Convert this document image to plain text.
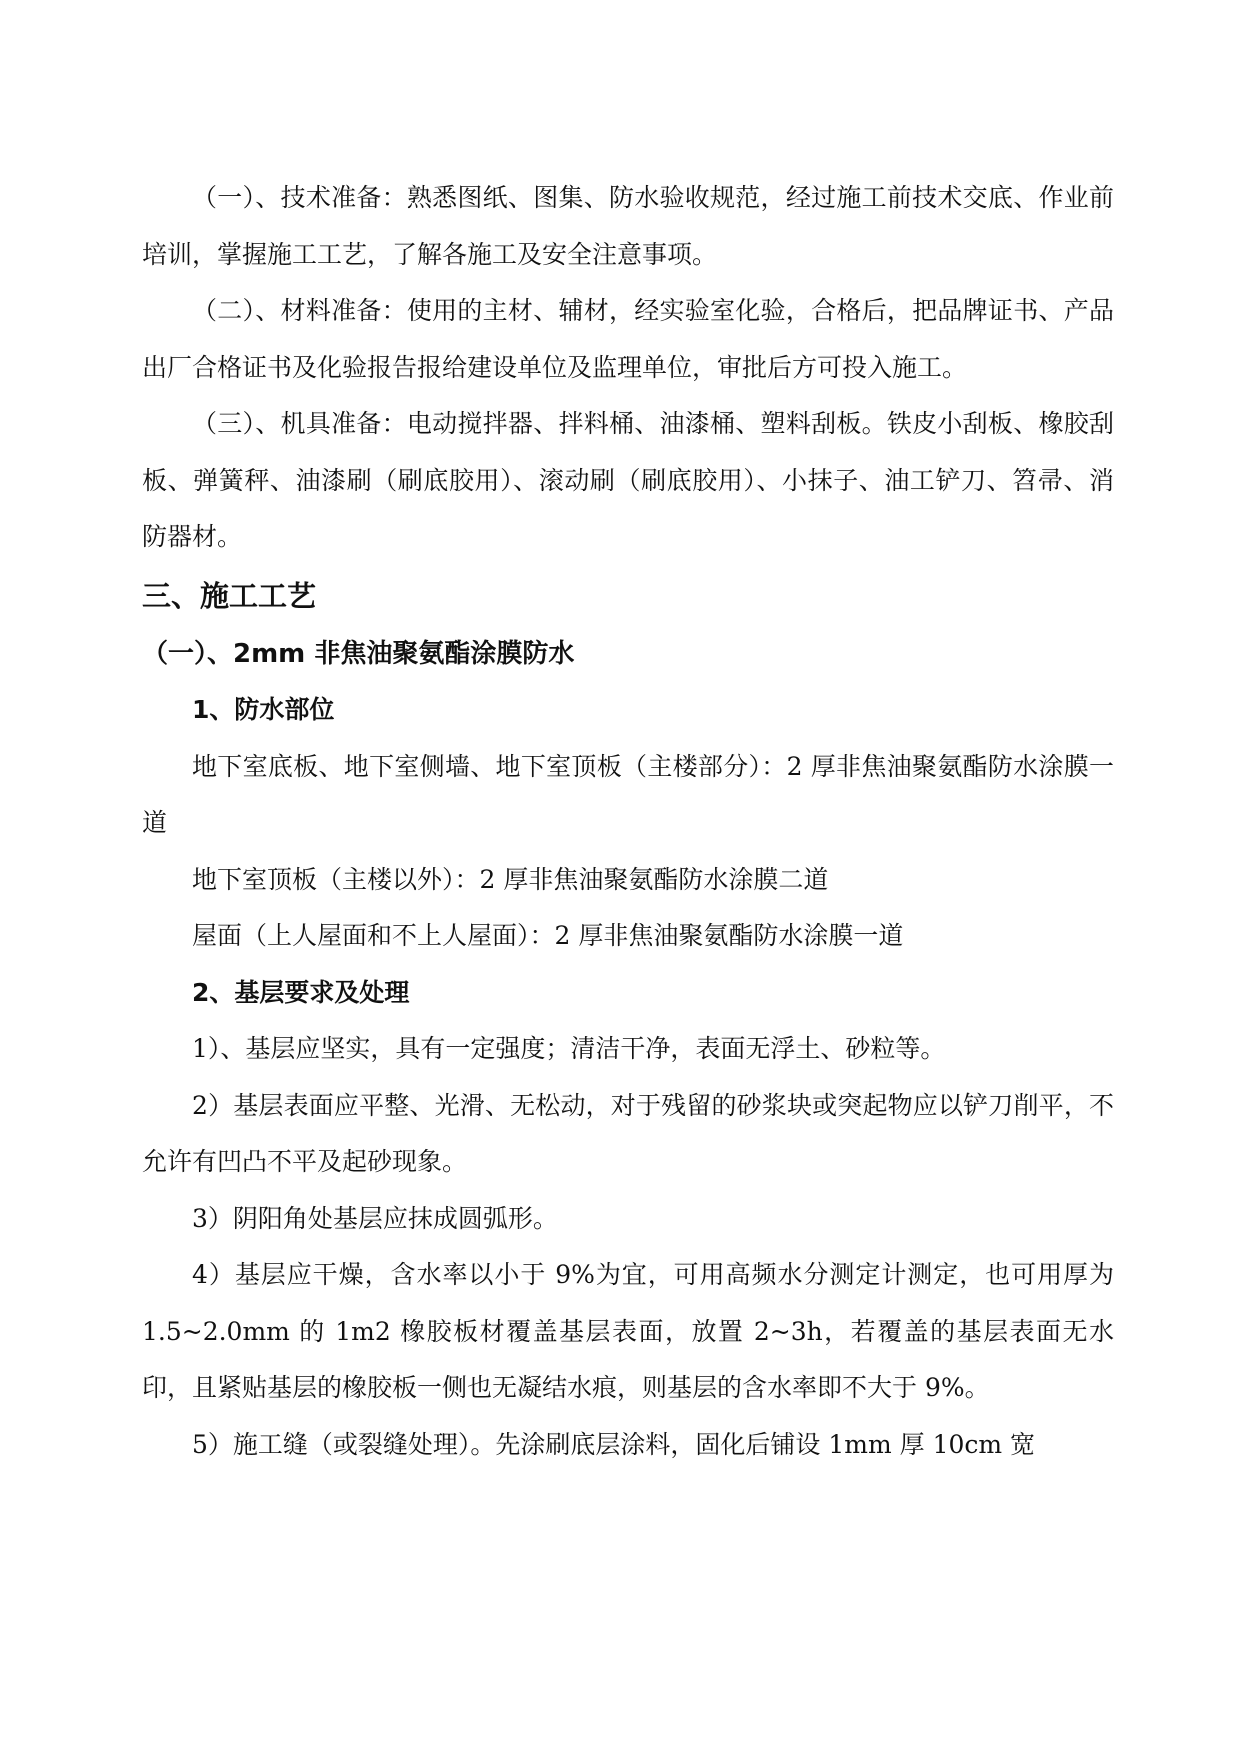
（一）、技术准备：熟悉图纸、图集、防水验收规范，经过施工前技术交底、作业前培训，掌握施工工艺，了解各施工及安全注意事项。

（二）、材料准备：使用的主材、辅材，经实验室化验，合格后，把品牌证书、产品出厂合格证书及化验报告报给建设单位及监理单位，审批后方可投入施工。

（三）、机具准备：电动搅拌器、拌料桶、油漆桶、塑料刮板。铁皮小刮板、橡胶刮板、弹簧秤、油漆刷（刷底胶用）、滚动刷（刷底胶用）、小抹子、油工铲刀、笤帚、消防器材。

三、施工工艺
（一）、2mm 非焦油聚氨酯涂膜防水
1、防水部位

地下室底板、地下室侧墙、地下室顶板（主楼部分）：2 厚非焦油聚氨酯防水涂膜一道

地下室顶板（主楼以外）：2 厚非焦油聚氨酯防水涂膜二道

屋面（上人屋面和不上人屋面）：2 厚非焦油聚氨酯防水涂膜一道

2、基层要求及处理

1）、基层应坚实，具有一定强度；清洁干净，表面无浮土、砂粒等。

2）基层表面应平整、光滑、无松动，对于残留的砂浆块或突起物应以铲刀削平，不允许有凹凸不平及起砂现象。

3）阴阳角处基层应抹成圆弧形。

4）基层应干燥，含水率以小于 9%为宜，可用高频水分测定计测定，也可用厚为 1.5~2.0mm 的 1m2 橡胶板材覆盖基层表面，放置 2~3h，若覆盖的基层表面无水印，且紧贴基层的橡胶板一侧也无凝结水痕，则基层的含水率即不大于 9%。

5）施工缝（或裂缝处理）。先涂刷底层涂料，固化后铺设 1mm 厚 10cm 宽
